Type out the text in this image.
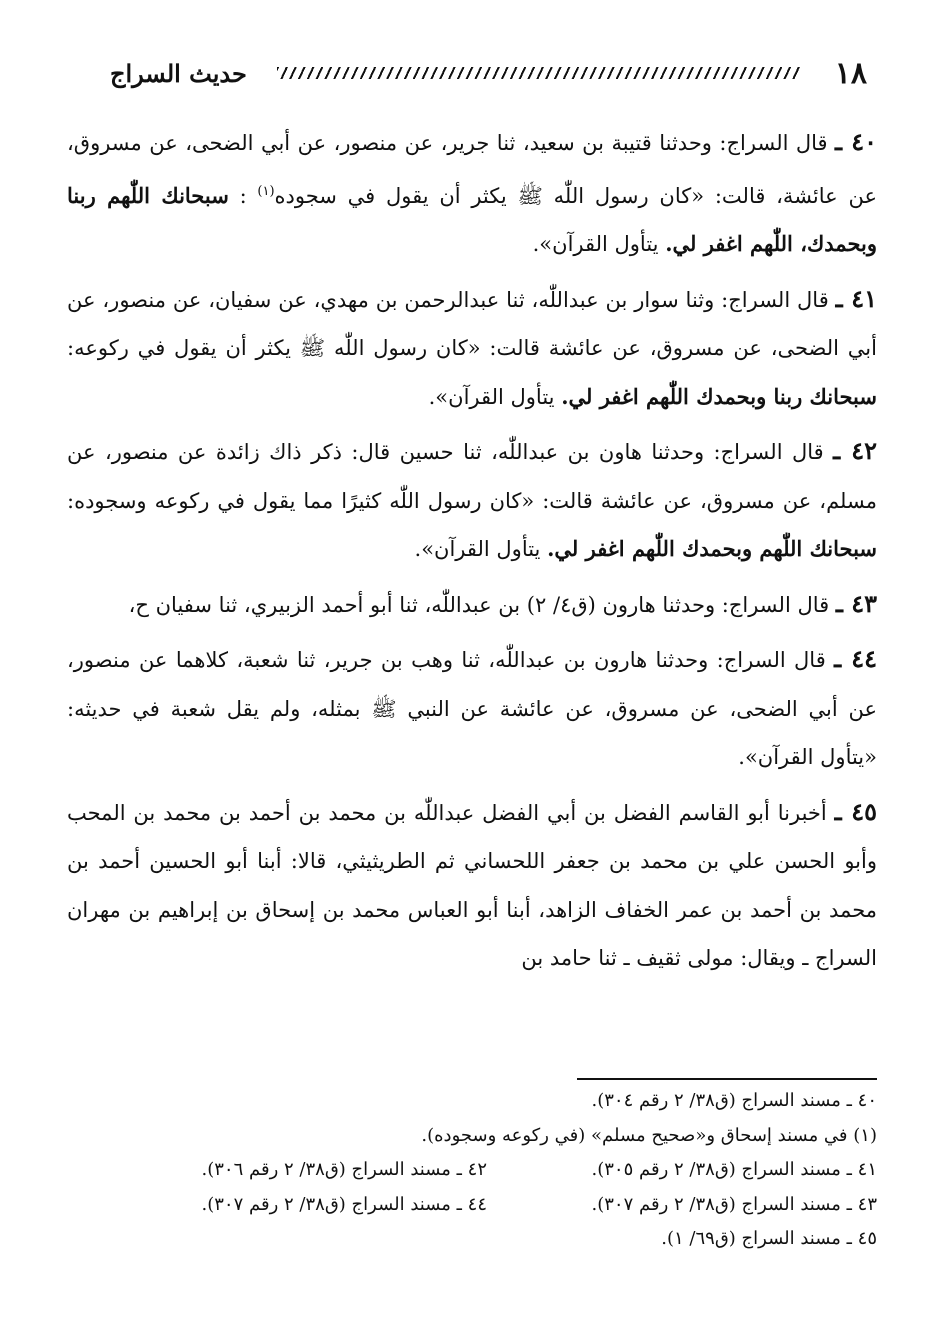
١٨
حديث السراج

٤٠ ـ قال السراج: وحدثنا قتيبة بن سعيد، ثنا جرير، عن منصور، عن أبي الضحى، عن مسروق، عن عائشة، قالت: «كان رسول اللّٰه ﷺ يكثر أن يقول في سجوده$^{(١)}$ : سبحانك اللّٰهم ربنا وبحمدك، اللّٰهم اغفر لي. يتأول القرآن».

٤١ ـ قال السراج: وثنا سوار بن عبداللّٰه، ثنا عبدالرحمن بن مهدي، عن سفيان، عن منصور، عن أبي الضحى، عن مسروق، عن عائشة قالت: «كان رسول اللّٰه ﷺ يكثر أن يقول في ركوعه: سبحانك ربنا وبحمدك اللّٰهم اغفر لي. يتأول القرآن».

٤٢ ـ قال السراج: وحدثنا هاون بن عبداللّٰه، ثنا حسين قال: ذكر ذاك زائدة عن منصور، عن مسلم، عن مسروق، عن عائشة قالت: «كان رسول اللّٰه كثيرًا مما يقول في ركوعه وسجوده: سبحانك اللّٰهم وبحمدك اللّٰهم اغفر لي. يتأول القرآن».

٤٣ ـ قال السراج: وحدثنا هارون (ق٤/ ٢) بن عبداللّٰه، ثنا أبو أحمد الزبيري، ثنا سفيان ح،

٤٤ ـ قال السراج: وحدثنا هارون بن عبداللّٰه، ثنا وهب بن جرير، ثنا شعبة، كلاهما عن منصور، عن أبي الضحى، عن مسروق، عن عائشة عن النبي ﷺ بمثله، ولم يقل شعبة في حديثه: «يتأول القرآن».

٤٥ ـ أخبرنا أبو القاسم الفضل بن أبي الفضل عبداللّٰه بن محمد بن أحمد بن محمد بن المحب وأبو الحسن علي بن محمد بن جعفر اللحساني ثم الطريثيثي، قالا: أبنا أبو الحسين أحمد بن محمد بن أحمد بن عمر الخفاف الزاهد، أبنا أبو العباس محمد بن إسحاق بن إبراهيم بن مهران السراج ـ ويقال: مولى ثقيف ـ ثنا حامد بن

٤٠ ـ مسند السراج (ق٣٨/ ٢ رقم ٣٠٤).
(١) في مسند إسحاق و«صحيح مسلم» (في ركوعه وسجوده).
٤١ ـ مسند السراج (ق٣٨/ ٢ رقم ٣٠٥).
٤٢ ـ مسند السراج (ق٣٨/ ٢ رقم ٣٠٦).
٤٣ ـ مسند السراج (ق٣٨/ ٢ رقم ٣٠٧).
٤٤ ـ مسند السراج (ق٣٨/ ٢ رقم ٣٠٧).
٤٥ ـ مسند السراج (ق٦٩/ ١).
